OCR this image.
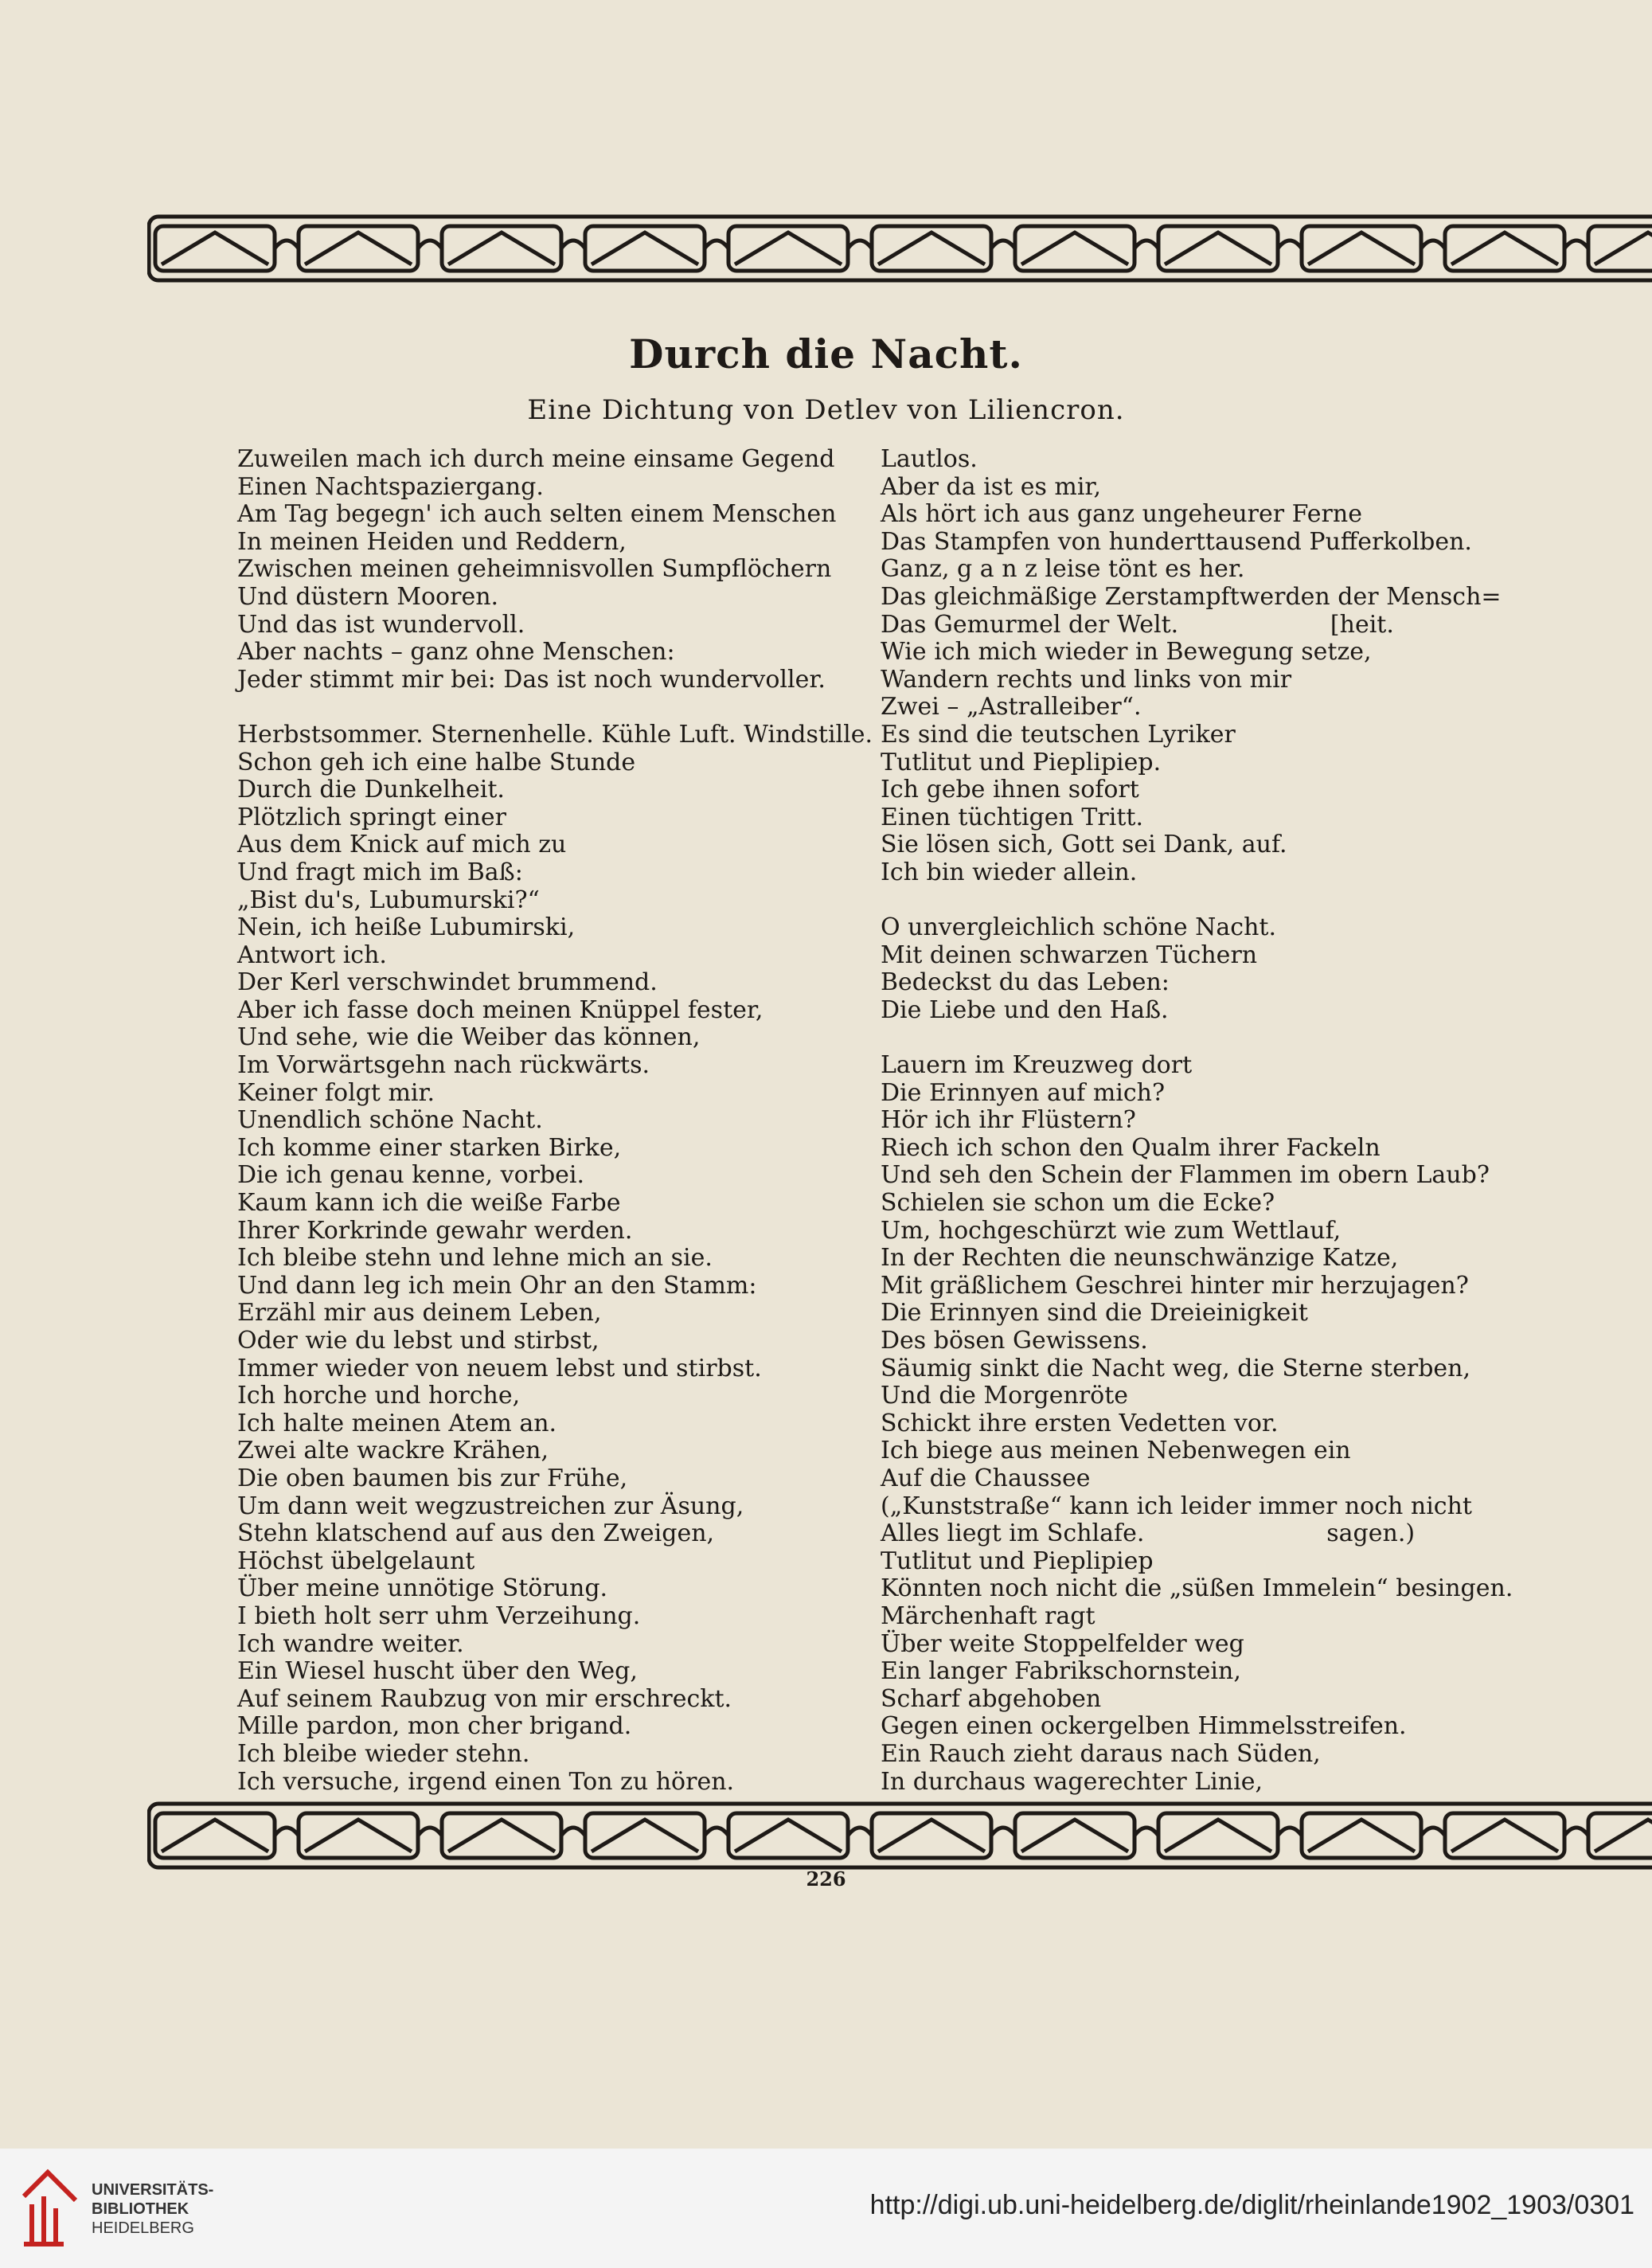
Durch die Nacht.
Eine Dichtung von Detlev von Liliencron.
Zuweilen mach ich durch meine einsame Gegend
Einen Nachtspaziergang.
Am Tag begegn' ich auch selten einem Menschen
In meinen Heiden und Reddern,
Zwischen meinen geheimnisvollen Sumpflöchern
Und düstern Mooren.
Und das ist wundervoll.
Aber nachts – ganz ohne Menschen:
Jeder stimmt mir bei: Das ist noch wundervoller.
Herbstsommer. Sternenhelle. Kühle Luft. Windstille.
Schon geh ich eine halbe Stunde
Durch die Dunkelheit.
Plötzlich springt einer
Aus dem Knick auf mich zu
Und fragt mich im Baß:
„Bist du's, Lubumurski?“
Nein, ich heiße Lubumirski,
Antwort ich.
Der Kerl verschwindet brummend.
Aber ich fasse doch meinen Knüppel fester,
Und sehe, wie die Weiber das können,
Im Vorwärtsgehn nach rückwärts.
Keiner folgt mir.
Unendlich schöne Nacht.
Ich komme einer starken Birke,
Die ich genau kenne, vorbei.
Kaum kann ich die weiße Farbe
Ihrer Korkrinde gewahr werden.
Ich bleibe stehn und lehne mich an sie.
Und dann leg ich mein Ohr an den Stamm:
Erzähl mir aus deinem Leben,
Oder wie du lebst und stirbst,
Immer wieder von neuem lebst und stirbst.
Ich horche und horche,
Ich halte meinen Atem an.
Zwei alte wackre Krähen,
Die oben baumen bis zur Frühe,
Um dann weit wegzustreichen zur Äsung,
Stehn klatschend auf aus den Zweigen,
Höchst übelgelaunt
Über meine unnötige Störung.
I bieth holt serr uhm Verzeihung.
Ich wandre weiter.
Ein Wiesel huscht über den Weg,
Auf seinem Raubzug von mir erschreckt.
Mille pardon, mon cher brigand.
Ich bleibe wieder stehn.
Ich versuche, irgend einen Ton zu hören.
Lautlos.
Aber da ist es mir,
Als hört ich aus ganz ungeheurer Ferne
Das Stampfen von hunderttausend Pufferkolben.
Ganz, g a n z leise tönt es her.
Das gleichmäßige Zerstampftwerden der Mensch=
Das Gemurmel der Welt.                    [heit.
Wie ich mich wieder in Bewegung setze,
Wandern rechts und links von mir
Zwei – „Astralleiber“.
Es sind die teutschen Lyriker
Tutlitut und Pieplipiep.
Ich gebe ihnen sofort
Einen tüchtigen Tritt.
Sie lösen sich, Gott sei Dank, auf.
Ich bin wieder allein.
O unvergleichlich schöne Nacht.
Mit deinen schwarzen Tüchern
Bedeckst du das Leben:
Die Liebe und den Haß.
Lauern im Kreuzweg dort
Die Erinnyen auf mich?
Hör ich ihr Flüstern?
Riech ich schon den Qualm ihrer Fackeln
Und seh den Schein der Flammen im obern Laub?
Schielen sie schon um die Ecke?
Um, hochgeschürzt wie zum Wettlauf,
In der Rechten die neunschwänzige Katze,
Mit gräßlichem Geschrei hinter mir herzujagen?
Die Erinnyen sind die Dreieinigkeit
Des bösen Gewissens.
Säumig sinkt die Nacht weg, die Sterne sterben,
Und die Morgenröte
Schickt ihre ersten Vedetten vor.
Ich biege aus meinen Nebenwegen ein
Auf die Chaussee
(„Kunststraße“ kann ich leider immer noch nicht
Alles liegt im Schlafe.                        sagen.)
Tutlitut und Pieplipiep
Könnten noch nicht die „süßen Immelein“ besingen.
Märchenhaft ragt
Über weite Stoppelfelder weg
Ein langer Fabrikschornstein,
Scharf abgehoben
Gegen einen ockergelben Himmelsstreifen.
Ein Rauch zieht daraus nach Süden,
In durchaus wagerechter Linie,
226
UNIVERSITÄTS-
BIBLIOTHEK
HEIDELBERG
http://digi.ub.uni-heidelberg.de/diglit/rheinlande1902_1903/0301
